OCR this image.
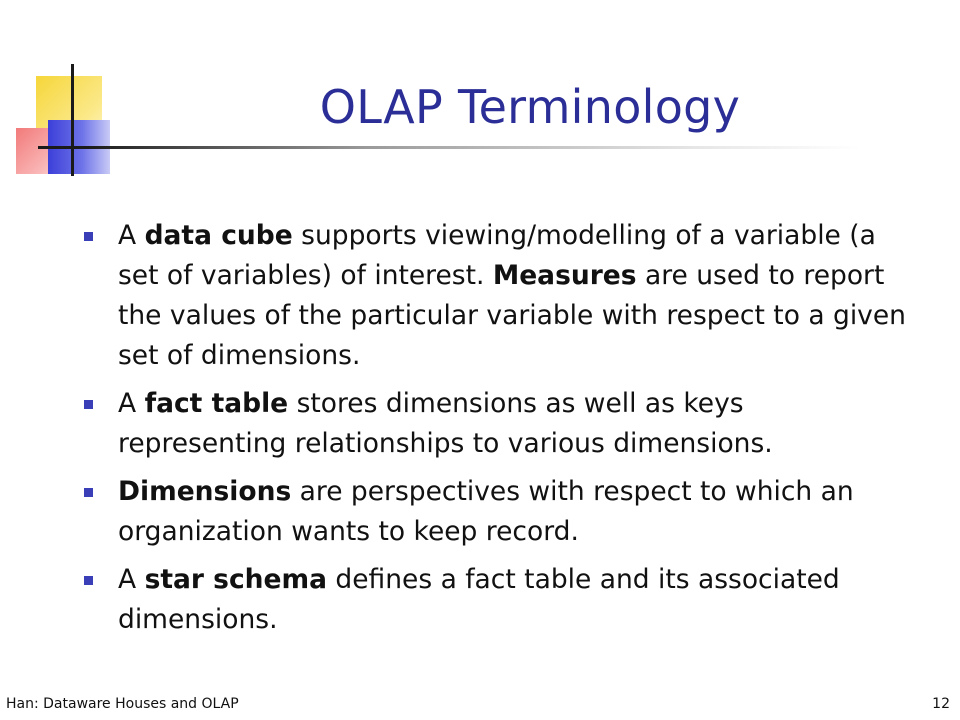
OLAP Terminology
A data cube supports viewing/modelling of a variable (a set of variables) of interest. Measures are used to report the values of the particular variable with respect to a given set of dimensions.
A fact table stores dimensions as well as keys representing relationships to various dimensions.
Dimensions are perspectives with respect to which an organization wants to keep record.
A star schema defines a fact table and its associated dimensions.
Han: Dataware Houses and OLAP	12
